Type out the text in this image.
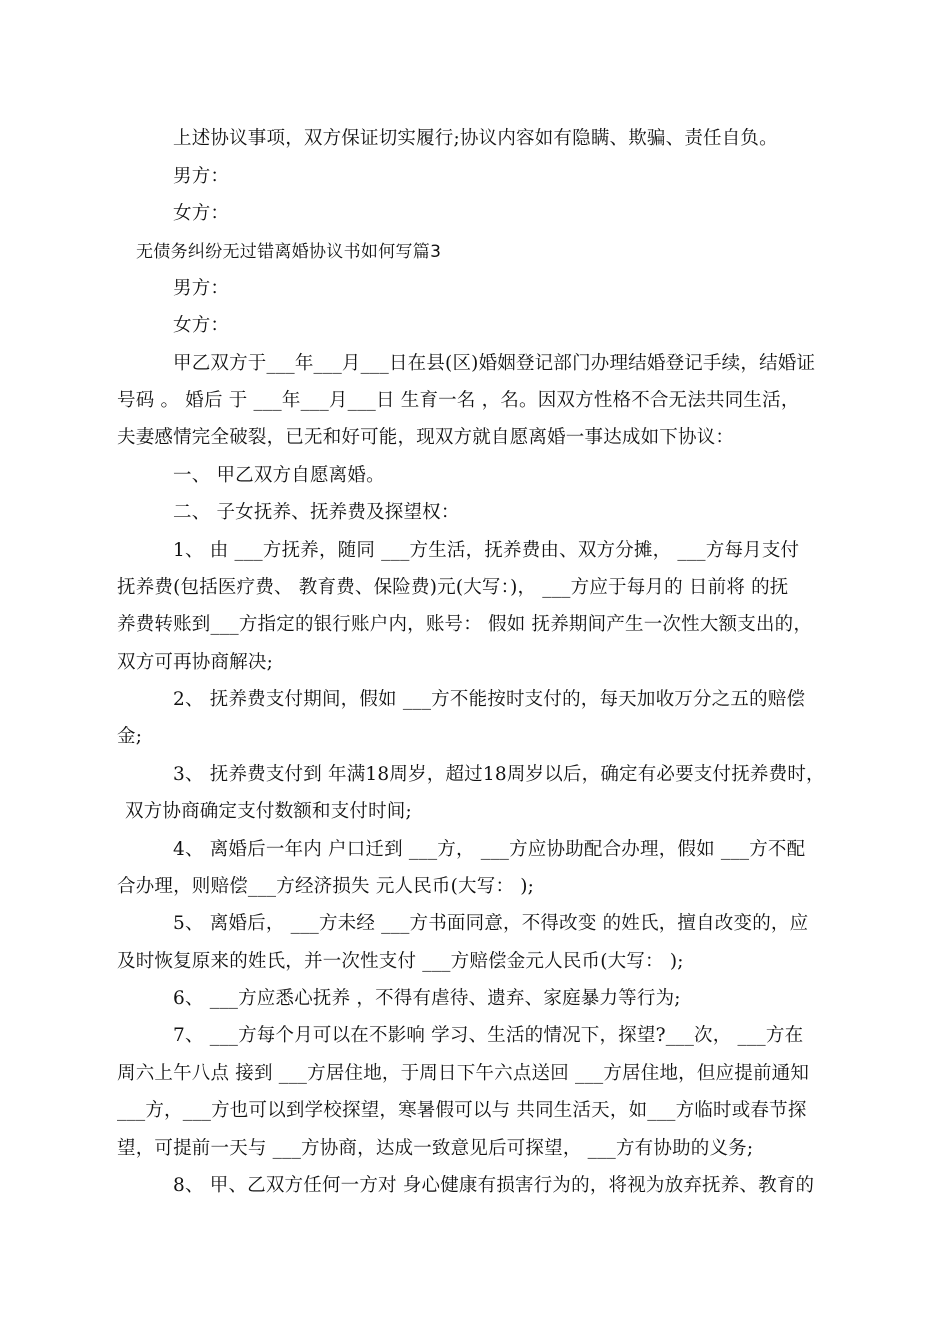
上述协议事项，双方保证切实履行;协议内容如有隐瞒、欺骗、责任自负。
男方：
女方：
无债务纠纷无过错离婚协议书如何写篇3
男方：
女方：
甲乙双方于___年___月___日在县(区)婚姻登记部门办理结婚登记手续，结婚证
号码 。 婚后 于 ___年___月___日 生育一名 ，名。因双方性格不合无法共同生活，
夫妻感情完全破裂，已无和好可能，现双方就自愿离婚一事达成如下协议：
一、 甲乙双方自愿离婚。
二、 子女抚养、抚养费及探望权：
1、 由 ___方抚养，随同 ___方生活，抚养费由、双方分摊， ___方每月支付
抚养费(包括医疗费、 教育费、保险费)元(大写：)， ___方应于每月的 日前将 的抚
养费转账到___方指定的银行账户内，账号： 假如 抚养期间产生一次性大额支出的，
双方可再协商解决;
2、 抚养费支付期间，假如 ___方不能按时支付的，每天加收万分之五的赔偿
金;
3、 抚养费支付到 年满18周岁，超过18周岁以后，确定有必要支付抚养费时，
双方协商确定支付数额和支付时间;
4、 离婚后一年内 户口迁到 ___方， ___方应协助配合办理，假如 ___方不配
合办理，则赔偿___方经济损失 元人民币(大写： );
5、 离婚后， ___方未经 ___方书面同意，不得改变 的姓氏，擅自改变的，应
及时恢复原来的姓氏，并一次性支付 ___方赔偿金元人民币(大写： );
6、 ___方应悉心抚养 ，不得有虐待、遗弃、家庭暴力等行为;
7、 ___方每个月可以在不影响 学习、生活的情况下，探望?___次， ___方在
周六上午八点 接到 ___方居住地，于周日下午六点送回 ___方居住地，但应提前通知
___方，___方也可以到学校探望，寒暑假可以与 共同生活天，如___方临时或春节探
望，可提前一天与 ___方协商，达成一致意见后可探望， ___方有协助的义务;
8、 甲、乙双方任何一方对 身心健康有损害行为的，将视为放弃抚养、教育的
